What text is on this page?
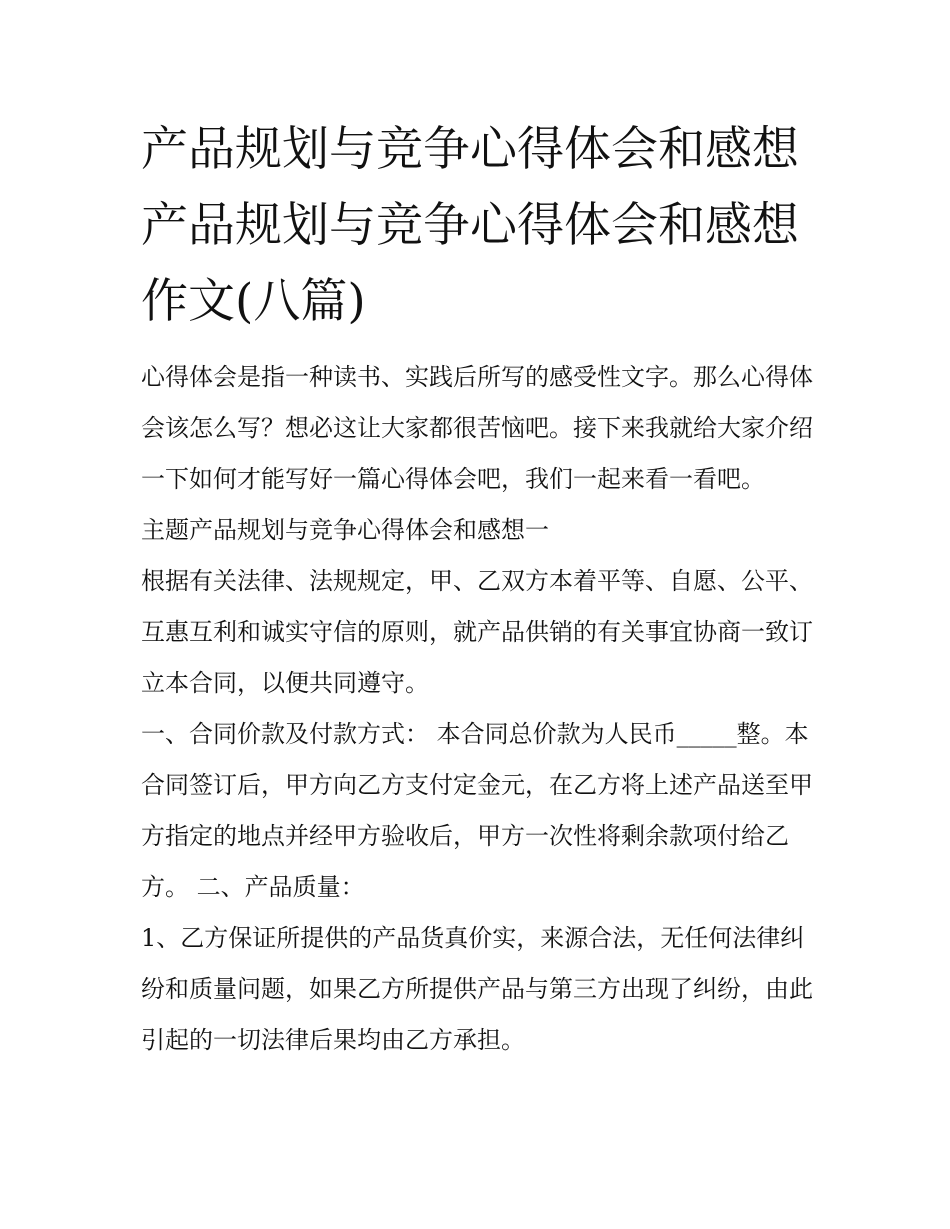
产品规划与竞争心得体会和感想 产品规划与竞争心得体会和感想作文(八篇)

心得体会是指一种读书、实践后所写的感受性文字。那么心得体会该怎么写？想必这让大家都很苦恼吧。接下来我就给大家介绍一下如何才能写好一篇心得体会吧，我们一起来看一看吧。

主题产品规划与竞争心得体会和感想一

根据有关法律、法规规定，甲、乙双方本着平等、自愿、公平、互惠互利和诚实守信的原则，就产品供销的有关事宜协商一致订立本合同，以便共同遵守。

一、合同价款及付款方式： 本合同总价款为人民币_____整。本合同签订后，甲方向乙方支付定金元，在乙方将上述产品送至甲方指定的地点并经甲方验收后，甲方一次性将剩余款项付给乙方。 二、产品质量：

1、乙方保证所提供的产品货真价实，来源合法，无任何法律纠纷和质量问题，如果乙方所提供产品与第三方出现了纠纷，由此引起的一切法律后果均由乙方承担。
